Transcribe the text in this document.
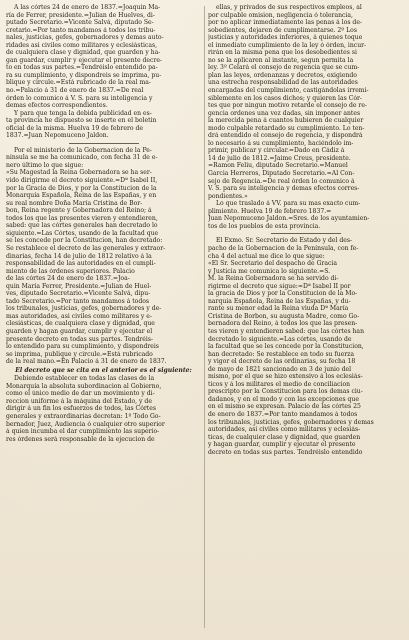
Ã las córtes 24 de enero de 1837.=Joaquin Ma-
ría de Ferrer, presidente.=Julian de Huelves, di-
putado Secretario.=Vicente Salvá, diputado Se-
cretario.=Por tanto mandamos á todos los tribu-
nales, justicias, gefes, gobernadores y demas auto-
ridades asi civiles como militares y eclesiásticas,
de cualquiera clase y dignidad, que guarden y ha-
gan guardar, cumplir y ejecutar el presente decre-
to en todas sus partes.=Tendréislo entendido pa-
ra su cumplimiento, y dispondreis se imprima, pu-
blique y circule.=Está rubricado de la real ma-
no.=Palacio á 31 de enero de 1837.=De real
órden lo comunico á V. S. para su inteligencia y
demas efectos correspondientes.
Y para que tenga la debida publicidad en es-
ta provincia he dispuesto se inserte en el boletin
oficial de la misma. Huelva 19 de febrero de
1837.=Juan Nepomuceno Jaldon.
Por el ministerio de la Gobernacion de la Pe-
nínsula se me ha comunicado, con fecha 31 de e-
nero último lo que sigue:
«Su Magestad la Reina Gobernadora se ha ser-
vido dirigirme el decreto siguiente.=Dª Isabel II,
por la Gracia de Dios, y por la Constitucion de la
Monarquía Española, Reina de las Españas, y en
su real nombre Doña María Cristina de Bor-
bon, Reina regente y Gobernadora del Reino; á
todos los que las presentes vieren y entendieren,
sabed: que las córtes generales han decretado lo
siguiente.=Las Córtes, usando de la facultad que
se les concede por la Constitucion, han decretado:
Se restablece el decreto de las generales y extraor-
dinarias, fecha 14 de julio de 1812 relativo á la
responsabilidad de las autoridades en el cumpli-
miento de las órdenes superiores. Palacio
de las córtes 24 de enero de 1837.=Joa-
quin María Ferrer, Presidente.=Julian de Huel-
ves, diputado Secretario.=Vicente Salvá, dipu-
tado Secretario.=Por tanto mandamos á todos
los tribunales, justicias, gefes, gobernadores y de-
mas autoridades, asi civiles como militares y e-
clesiásticas, de cualquiera clase y dignidad, que
guarden y hagan guardar, cumplir y ejecutar el
presente decreto en todas sus partes. Tendréis-
lo entendido para su cumplimiento, y dispondreis
se imprima, publique y circule.=Está rubricado
de la real mano.=En Palacio á 31 de enero de 1837.
El decreto que se cita en el anterior es el siguiente:
Debiendo establecer en todas las clases de la
Monarquía la absoluta subordinacion al Gobierno,
como el único medio de dar un movimiento y di-
reccion uniforme á la máquina del Estado, y de
dirigir á un fin los esfuerzos de todos, las Córtes
generales y extraordinarias decretan: 1º Todo Go-
bernador, Juez, Audiencia ó cualquier otro superior
á quien incumba el dar cumplimiento las superio-
res órdenes será responsable de la ejecucion de
ellas, y privados de sus respectivos empleos, al
por culpable omision, negligencia ó tolerancia,
por no aplicar inmediatamente las penas á los de-
sobedientes, dejaren de cumplimentarse. 2º Los
justicias y autoridades inferiores, á quienes toque
el inmediato cumplimiento de la ley ó órden, incur-
rirán en la misma pena que los desobedientes si
no se la aplicaren al instante, segun permita la
ley. 3º Celará el consejo de regencia que se cum-
plan las leyes, ordenanzas y decretos, exigiendo
una estrecha responsabilidad de las autoridades
encargadas del cumplimiento, castigándolas irremi-
siblemente en los casos dichos; y quieren las Cór-
tes que por ningun motivo retarde el consejo de re-
gencia ordenes una vez dadas, sin imponer antes
la merecida pena á cuantos hubieren de cualquier
modo culpable retardado su cumplimiento. Lo ten-
drá entendido el consejo de regencia, y dispondrá
lo necesario á su cumplimiento, haciéndolo im-
primir, publicar y circular.=Dado en Cádiz á
14 de julio de 1812.=Jaime Creus, presidente.
=Ramon Feliu, diputado Secretario.=Manuel
Garcia Herreros, Diputado Secretario.=Al Con-
sejo de Regencia.=De real órden lo comunico á
V. S. para su inteligencia y demas efectos corres-
pondientes.»
Lo que traslado á VV. para su mas exacto cum-
plimiento. Huelva 19 de febrero 1837.=
Juan Nepomuceno Jaldon.=Sres. de los ayuntamien-
tos de los pueblos de esta provincia.
El Exmo. Sr. Secretario de Estado y del des-
pacho de la Gobernacion de la Península, con fe-
cha 4 del actual me dice lo que sigue:
«El Sr. Secretario del despacho de Gracia
y Justicia me comunica lo siguiente.=S.
M. la Reina Gobernadora se ha servido di-
rigirme el decreto que sigue:=Dª Isabel II por
la gracia de Dios y por la Constitucion de la Mo-
narquía Española, Reina de las Españas, y du-
rante su menor edad la Reina viuda Dª María
Cristina de Borbon, su augusta Madre, como Go-
bernadora del Reino, á todos los que las presen-
tes vieren y entendieren sabed: que las córtes han
decretado lo siguiente.=Las córtes, usando de
la facultad que se les concede por la Constitucion,
han decretado: Se restablece en todo su fuerza
y vigor el decreto de las ordinarias, su fecha 18
de mayo de 1821 sancionado en 3 de junio del
mismo, por el que se hizo extensivo á los eclesiás-
ticos y á los militares el medio de conciliacion
prescripto por la Constitucion para los demas ciu-
dadanos, y en el modo y con las excepciones que
en el mismo se expresan. Palacio de las córtes 25
de enero de 1837.=Por tanto mandamos á todos
los tribunales, justicias, gefes, gobernadores y demas
autoridades, asi civiles como militares y eclesiás-
ticas, de cualquier clase y dignidad, que guarden
y hagan guardar, cumplir y ejecutar el presente
decreto en todas sus partes. Tendréislo entendido
